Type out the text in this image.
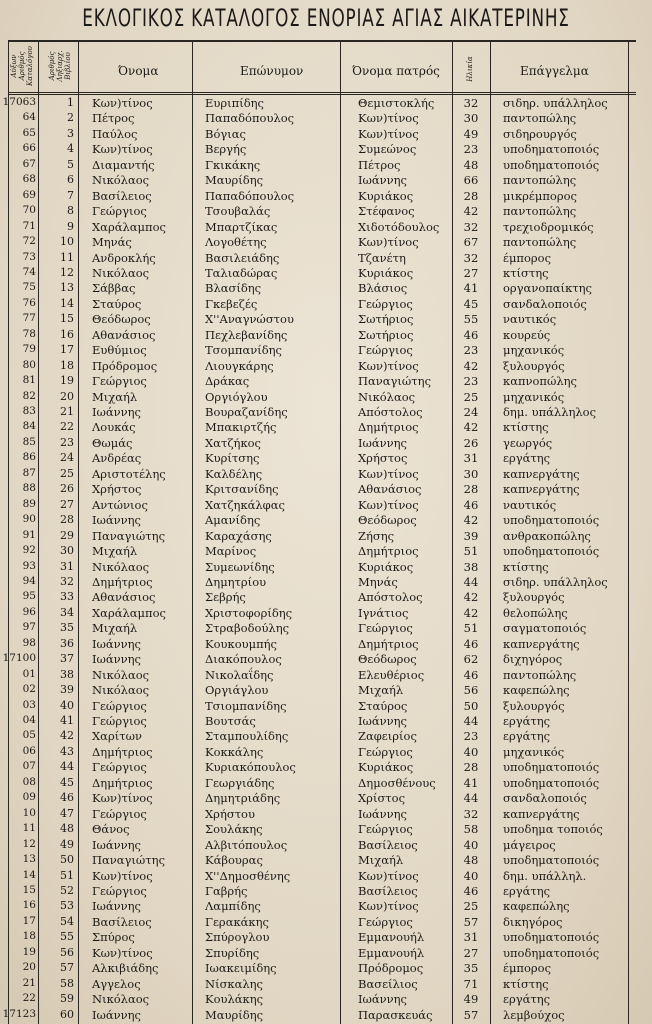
ΕΚΛΟΓΙΚΟΣ ΚΑΤΑΛΟΓΟΣ ΕΝΟΡΙΑΣ ΑΓΙΑΣ ΑΙΚΑΤΕΡΙΝΗΣ
Αύξων Αριθμός Καταλόγου Αριθμός Ληξιαρχ. Βιβλίου	Όνομα	Επώνυμον	Όνομα πατρός	Ηλικία	Επάγγελμα
17063	1 Κων)τίνος	Ευριπίδης	Θεμιστοκλής	32	σιδηρ. υπάλληλος
64	2 Πέτρος	Παπαδόπουλος	Κων)τίνος	30	παντοπώλης
65	3 Παύλος	Βόγιας	Κων)τίνος	49	σιδηρουργός
66	4 Κων)τίνος	Βεργής	Συμεώνος	23	υποδηματοποιός
67	5 Διαμαντής	Γκικάκης	Πέτρος	48	υποδηματοποιός
68	6 Νικόλαος	Μαυρίδης	Ιωάννης	66	παντοπώλης
69	7 Βασίλειος	Παπαδόπουλος	Κυριάκος	28	μικρέμπορος
70	8 Γεώργιος	Τσουβαλάς	Στέφανος	42	παντοπώλης
71	9 Χαράλαμπος	Μπαρτζίκας	Χιδοτόδουλος	32	τρεχιοδρομικός
72	10 Μηνάς	Λογοθέτης	Κων)τίνος	67	παντοπώλης
73	11 Ανδροκλής	Βασιλειάδης	Τζανέτη	32	έμπορος
74	12 Νικόλαος	Ταλιαδώρας	Κυριάκος	27	κτίστης
75	13 Σάββας	Βλασίδης	Βλάσιος	41	οργανοπαίκτης
76	14 Σταύρος	Γκεβεζές	Γεώργιος	45	σανδαλοποιός
77	15 Θεόδωρος	Χ''Αναγνώστου	Σωτήριος	55	ναυτικός
78	16 Αθανάσιος	Πεχλεβανίδης	Σωτήριος	46	κουρεύς
79	17 Ευθύμιος	Τσομπανίδης	Γεώργιος	23	μηχανικός
80	18 Πρόδρομος	Λιουγκάρης	Κων)τίνος	42	ξυλουργός
81	19 Γεώργιος	Δράκας	Παναγιώτης	23	καπνοπώλης
82	20 Μιχαήλ	Οργιόγλου	Νικόλαος	25	μηχανικός
83	21 Ιωάννης	Βουραζανίδης	Απόστολος	24	δημ. υπάλληλος
84	22 Λουκάς	Μπακιρτζής	Δημήτριος	42	κτίστης
85	23 Θωμάς	Χατζήκος	Ιωάννης	26	γεωργός
86	24 Ανδρέας	Κυρίτσης	Χρήστος	31	εργάτης
87	25 Αριστοτέλης	Καλδέλης	Κων)τίνος	30	καπνεργάτης
88	26 Χρήστος	Κριτσανίδης	Αθανάσιος	28	καπνεργάτης
89	27 Αντώνιος	Χατζηκάλφας	Κων)τίνος	46	ναυτικός
90	28 Ιωάννης	Αμανίδης	Θεόδωρος	42	υποδηματοποιός
91	29 Παναγιώτης	Καραχάσης	Ζήσης	39	ανθρακοπώλης
92	30 Μιχαήλ	Μαρίνος	Δημήτριος	51	υποδηματοποιός
93	31 Νικόλαος	Συμεωνίδης	Κυριάκος	38	κτίστης
94	32 Δημήτριος	Δημητρίου	Μηνάς	44	σιδηρ. υπάλληλος
95	33 Αθανάσιος	Σεβρής	Απόστολος	42	ξυλουργός
96	34 Χαράλαμπος	Χριστοφορίδης	Ιγνάτιος	42	θελοπώλης
97	35 Μιχαήλ	Στραβοδούλης	Γεώργιος	51	σαγματοποιός
98	36 Ιωάννης	Κουκουμπής	Δημήτριος	46	καπνεργάτης
17100	37 Ιωάννης	Διακόπουλος	Θεόδωρος	62	διχηγόρος
01	38 Νικόλαος	Νικολαΐδης	Ελευθέριος	46	παντοπώλης
02	39 Νικόλαος	Οργιάγλου	Μιχαήλ	56	καφεπώλης
03	40 Γεώργιος	Τσιομπανίδης	Σταύρος	50	ξυλουργός
04	41 Γεώργιος	Βουτσάς	Ιωάννης	44	εργάτης
05	42 Χαρίτων	Σταμπουλίδης	Ζαφειρίος	23	εργάτης
06	43 Δημήτριος	Κοκκάλης	Γεώργιος	40	μηχανικός
07	44 Γεώργιος	Κυριακόπουλος	Κυριάκος	28	υποδηματοποιός
08	45 Δημήτριος	Γεωργιάδης	Δημοσθένους	41	υποδηματοποιός
09	46 Κων)τίνος	Δημητριάδης	Χρίστος	44	σανδαλοποιός
10	47 Γεώργιος	Χρήστου	Ιωάννης	32	καπνεργάτης
11	48 Θάνος	Σουλάκης	Γεώργιος	58	υποδημα τοποιός
12	49 Ιωάννης	Αλβιτόπουλος	Βασίλειος	40	μάγειρος
13	50 Παναγιώτης	Κάβουρας	Μιχαήλ	48	υποδηματοποιός
14	51 Κων)τίνος	Χ''Δημοσθένης	Κων)τίνος	40	δημ. υπάλληλ.
15	52 Γεώργιος	Γαβρής	Βασίλειος	46	εργάτης
16	53 Ιωάννης	Λαμπίδης	Κων)τίνος	25	καφεπώλης
17	54 Βασίλειος	Γερακάκης	Γεώργιος	57	δικηγόρος
18	55 Σπύρος	Σπύρογλου	Εμμανουήλ	31	υποδηματοποιός
19	56 Κων)τίνος	Σπυρίδης	Εμμανουήλ	27	υποδηματοποιός
20	57 Αλκιβιάδης	Ιωακειμίδης	Πρόδρομος	35	έμπορος
21	58 Αγγελος	Νίσκαλης	Βασείλιος	71	κτίστης
22	59 Νικόλαος	Κουλάκης	Ιωάννης	49	εργάτης
17123	60 Ιωάννης	Μαυρίδης	Παρασκευάς	57	λεμβούχος
